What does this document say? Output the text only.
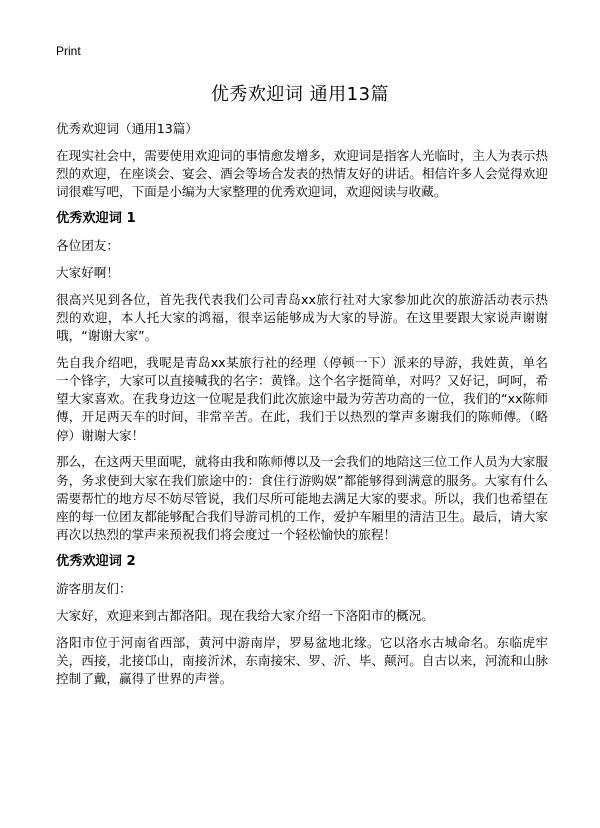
Print
优秀欢迎词 通用13篇

优秀欢迎词（通用13篇）

在现实社会中，需要使用欢迎词的事情愈发增多，欢迎词是指客人光临时，主人为表示热烈的欢迎，在座谈会、宴会、酒会等场合发表的热情友好的讲话。相信许多人会觉得欢迎词很难写吧，下面是小编为大家整理的优秀欢迎词，欢迎阅读与收藏。

优秀欢迎词 1

各位团友：

大家好啊！

很高兴见到各位，首先我代表我们公司青岛xx旅行社对大家参加此次的旅游活动表示热烈的欢迎，本人托大家的鸿福，很幸运能够成为大家的导游。在这里要跟大家说声谢谢哦，“谢谢大家”。

先自我介绍吧，我呢是青岛xx某旅行社的经理（停顿一下）派来的导游，我姓黄，单名一个锋字，大家可以直接喊我的名字：黄锋。这个名字挺简单，对吗？又好记，呵呵，希望大家喜欢。在我身边这一位呢是我们此次旅途中最为劳苦功高的一位，我们的“xx陈师傅，开足两天车的时间，非常辛苦。在此，我们于以热烈的掌声多谢我们的陈师傅。（略停）谢谢大家！

那么，在这两天里面呢，就将由我和陈师傅以及一会我们的地陪这三位工作人员为大家服务，务求使到大家在我们旅途中的：食住行游购娱”都能够得到满意的服务。大家有什么需要帮忙的地方尽不妨尽管说，我们尽所可能地去满足大家的要求。所以，我们也希望在座的每一位团友都能够配合我们导游司机的工作，爱护车厢里的清洁卫生。最后，请大家再次以热烈的掌声来预祝我们将会度过一个轻松愉快的旅程！

优秀欢迎词 2

游客朋友们：

大家好，欢迎来到古都洛阳。现在我给大家介绍一下洛阳市的概况。

洛阳市位于河南省西部，黄河中游南岸，罗易盆地北缘。它以洛水古城命名。东临虎牢关，西接，北接邙山，南接沂沭，东南接宋、罗、沂、毕、颠河。自古以来，河流和山脉控制了戴，赢得了世界的声誉。
